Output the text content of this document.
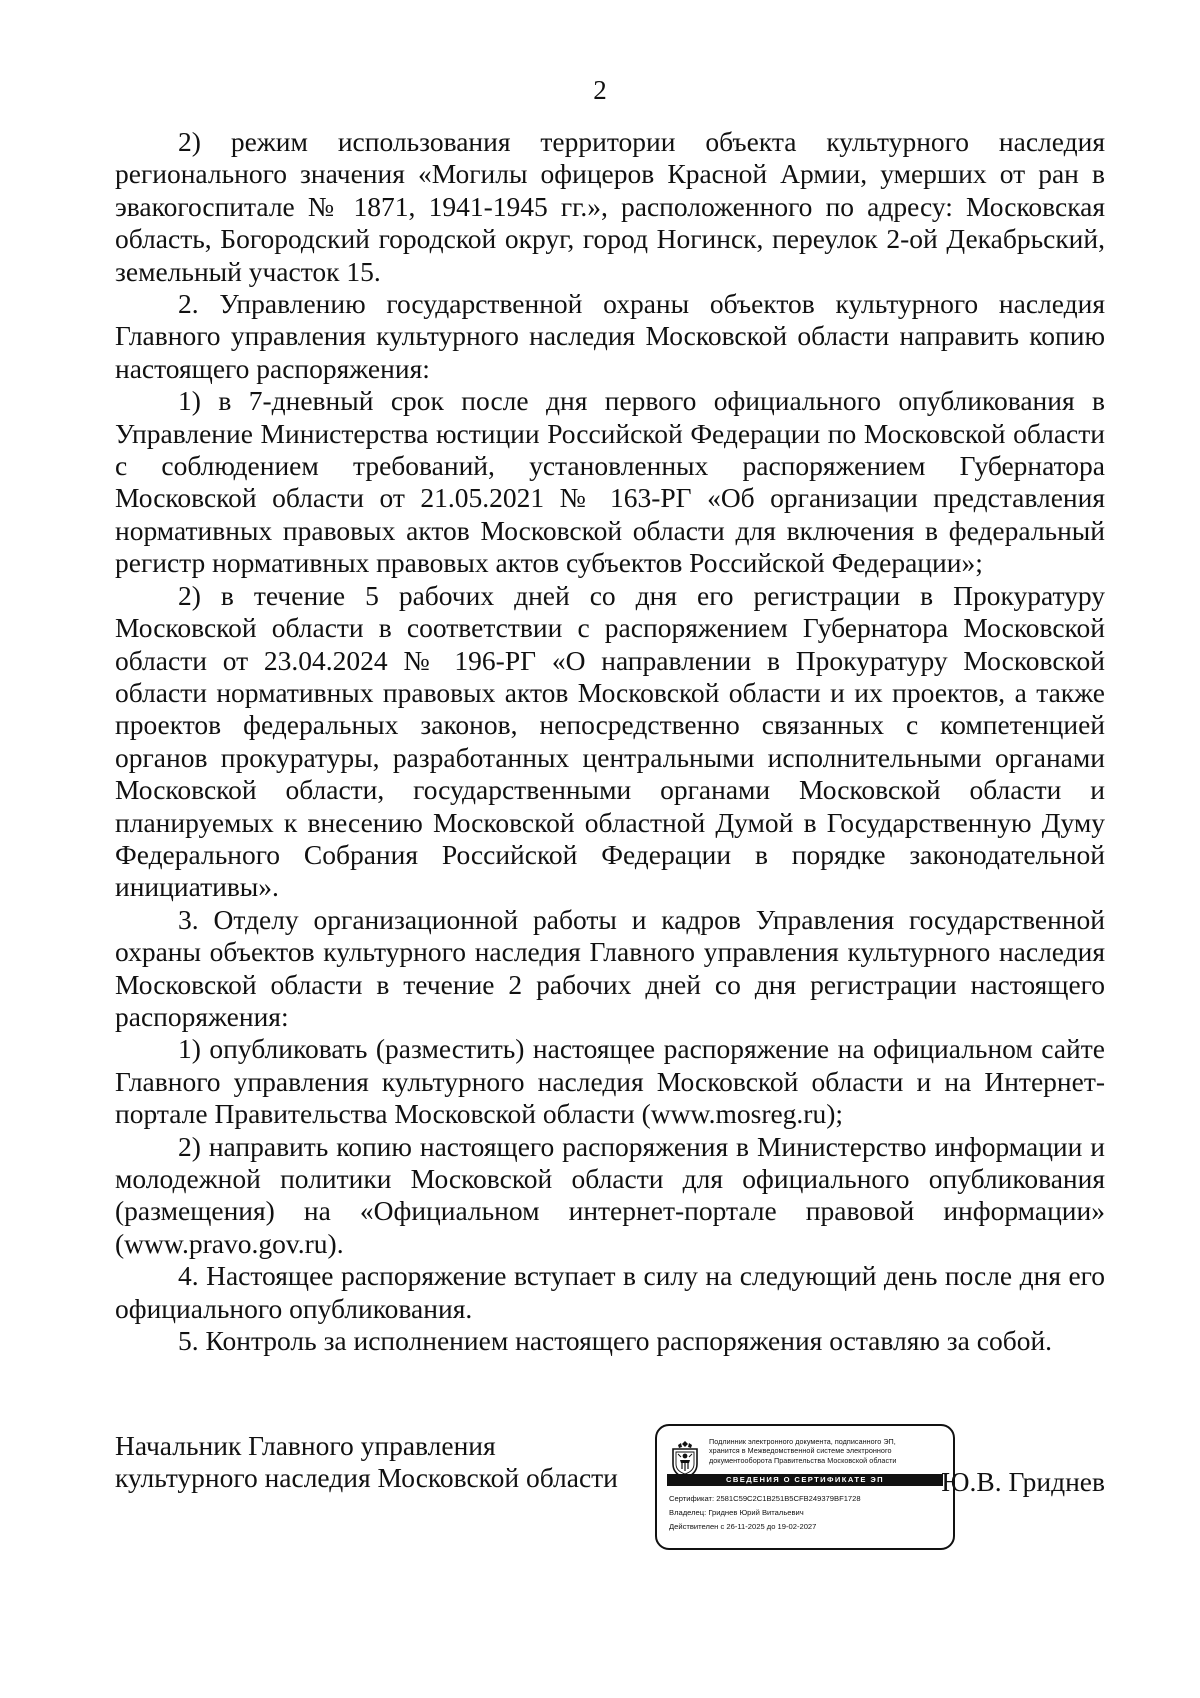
2

2) режим использования территории объекта культурного наследия регионального значения «Могилы офицеров Красной Армии, умерших от ран в эвакогоспитале № 1871, 1941-1945 гг.», расположенного по адресу: Московская область, Богородский городской округ, город Ногинск, переулок 2-ой Декабрьский, земельный участок 15.

2. Управлению государственной охраны объектов культурного наследия Главного управления культурного наследия Московской области направить копию настоящего распоряжения:

1) в 7-дневный срок после дня первого официального опубликования в Управление Министерства юстиции Российской Федерации по Московской области с соблюдением требований, установленных распоряжением Губернатора Московской области от 21.05.2021 № 163-РГ «Об организации представления нормативных правовых актов Московской области для включения в федеральный регистр нормативных правовых актов субъектов Российской Федерации»;

2) в течение 5 рабочих дней со дня его регистрации в Прокуратуру Московской области в соответствии с распоряжением Губернатора Московской области от 23.04.2024 № 196-РГ «О направлении в Прокуратуру Московской области нормативных правовых актов Московской области и их проектов, а также проектов федеральных законов, непосредственно связанных с компетенцией органов прокуратуры, разработанных центральными исполнительными органами Московской области, государственными органами Московской области и планируемых к внесению Московской областной Думой в Государственную Думу Федерального Собрания Российской Федерации в порядке законодательной инициативы».

3. Отделу организационной работы и кадров Управления государственной охраны объектов культурного наследия Главного управления культурного наследия Московской области в течение 2 рабочих дней со дня регистрации настоящего распоряжения:

1) опубликовать (разместить) настоящее распоряжение на официальном сайте Главного управления культурного наследия Московской области и на Интернет-портале Правительства Московской области (www.mosreg.ru);

2) направить копию настоящего распоряжения в Министерство информации и молодежной политики Московской области для официального опубликования (размещения) на «Официальном интернет-портале правовой информации» (www.pravo.gov.ru).

4. Настоящее распоряжение вступает в силу на следующий день после дня его официального опубликования.

5. Контроль за исполнением настоящего распоряжения оставляю за собой.

Начальник Главного управления
культурного наследия Московской области
Подлинник электронного документа, подписанного ЭП,
хранится в Межведомственной системе электронного
документооборота Правительства Московской области
СВЕДЕНИЯ О СЕРТИФИКАТЕ ЭП
Сертификат: 2581C59C2C1B251B5CFB249379BF1728
Владелец: Гриднев Юрий Витальевич
Действителен с 26-11-2025 до 19-02-2027
Ю.В. Гриднев
